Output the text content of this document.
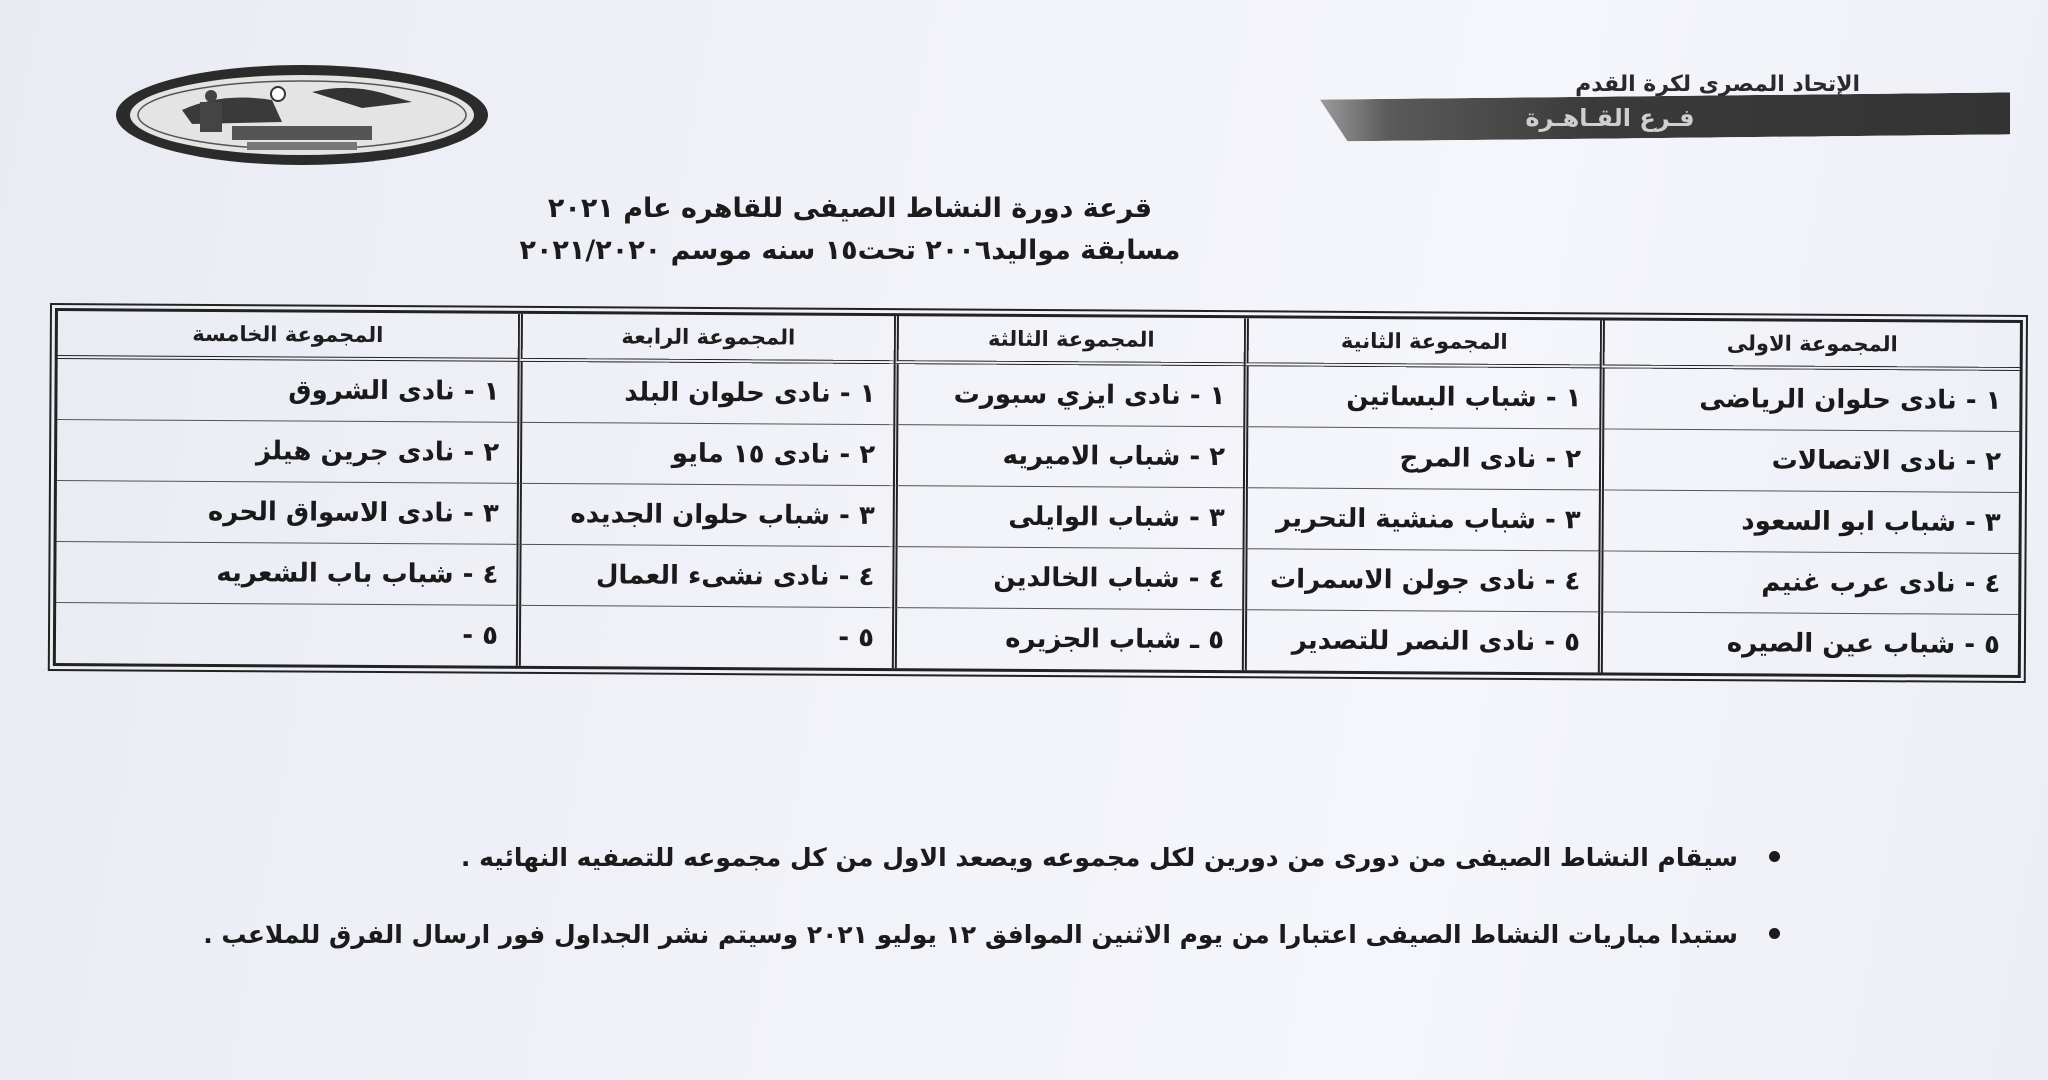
الإتحاد المصرى لكرة القدم
فـرع القـاهـرة
قرعة دورة النشاط الصيفى للقاهره عام ٢٠٢١
مسابقة مواليد٢٠٠٦ تحت١٥ سنه موسم ٢٠٢١/٢٠٢٠
المجموعة الاولى	المجموعة الثانية	المجموعة الثالثة	المجموعة الرابعة	المجموعة الخامسة
١ - نادى حلوان الرياضى	١ - شباب البساتين	١ - نادى ايزي سبورت	١ - نادى حلوان البلد	١ - نادى الشروق
٢ - نادى الاتصالات	٢ - نادى المرج	٢ - شباب الاميريه	٢ - نادى ١٥ مايو	٢ - نادى جرين هيلز
٣ - شباب ابو السعود	٣ - شباب منشية التحرير	٣ - شباب الوايلى	٣ - شباب حلوان الجديده	٣ - نادى الاسواق الحره
٤ - نادى عرب غنيم	٤ - نادى جولن الاسمرات	٤ - شباب الخالدين	٤ - نادى نشىء العمال	٤ - شباب باب الشعريه
٥ - شباب عين الصيره	٥ - نادى النصر للتصدير	٥ ـ شباب الجزيره	٥ -	٥ -
سيقام النشاط الصيفى من دورى من دورين لكل مجموعه ويصعد الاول من كل مجموعه للتصفيه النهائيه .
ستبدا مباريات النشاط الصيفى اعتبارا من يوم الاثنين الموافق ١٢ يوليو ٢٠٢١ وسيتم نشر الجداول فور ارسال الفرق للملاعب .
